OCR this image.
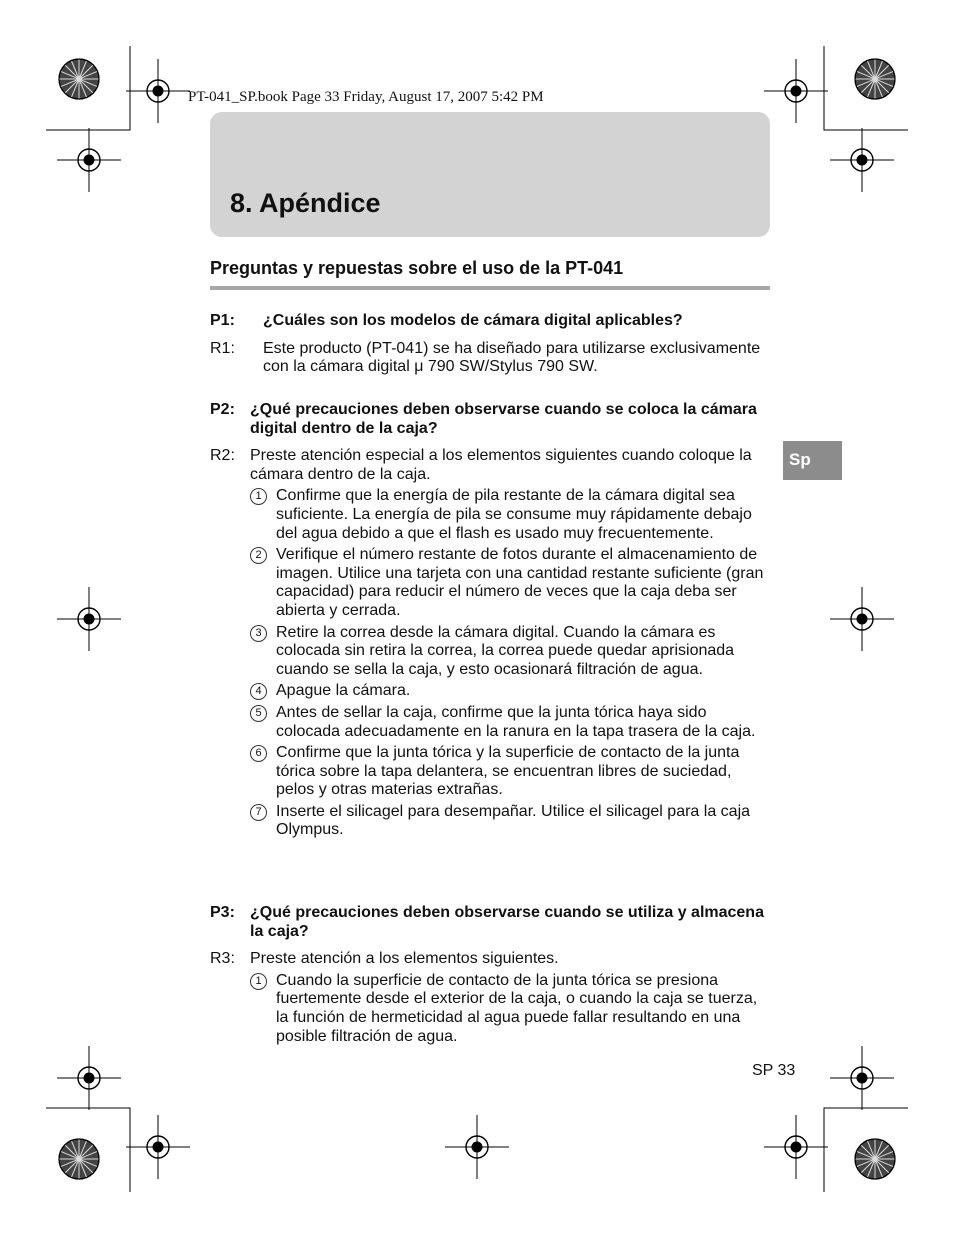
PT-041_SP.book Page 33 Friday, August 17, 2007 5:42 PM
8. Apéndice
Preguntas y repuestas sobre el uso de la PT-041
Sp
P1: ¿Cuáles son los modelos de cámara digital aplicables?
R1: Este producto (PT-041) se ha diseñado para utilizarse exclusivamente con la cámara digital μ 790 SW/Stylus 790 SW.
P2: ¿Qué precauciones deben observarse cuando se coloca la cámara digital dentro de la caja?
R2: Preste atención especial a los elementos siguientes cuando coloque la cámara dentro de la caja.
1 Confirme que la energía de pila restante de la cámara digital sea suficiente. La energía de pila se consume muy rápidamente debajo del agua debido a que el flash es usado muy frecuentemente.
2 Verifique el número restante de fotos durante el almacenamiento de imagen. Utilice una tarjeta con una cantidad restante suficiente (gran capacidad) para reducir el número de veces que la caja deba ser abierta y cerrada.
3 Retire la correa desde la cámara digital. Cuando la cámara es colocada sin retira la correa, la correa puede quedar aprisionada cuando se sella la caja, y esto ocasionará filtración de agua.
4 Apague la cámara.
5 Antes de sellar la caja, confirme que la junta tórica haya sido colocada adecuadamente en la ranura en la tapa trasera de la caja.
6 Confirme que la junta tórica y la superficie de contacto de la junta tórica sobre la tapa delantera, se encuentran libres de suciedad, pelos y otras materias extrañas.
7 Inserte el silicagel para desempañar. Utilice el silicagel para la caja Olympus.
P3: ¿Qué precauciones deben observarse cuando se utiliza y almacena la caja?
R3: Preste atención a los elementos siguientes.
1 Cuando la superficie de contacto de la junta tórica se presiona fuertemente desde el exterior de la caja, o cuando la caja se tuerza, la función de hermeticidad al agua puede fallar resultando en una posible filtración de agua.
SP 33
